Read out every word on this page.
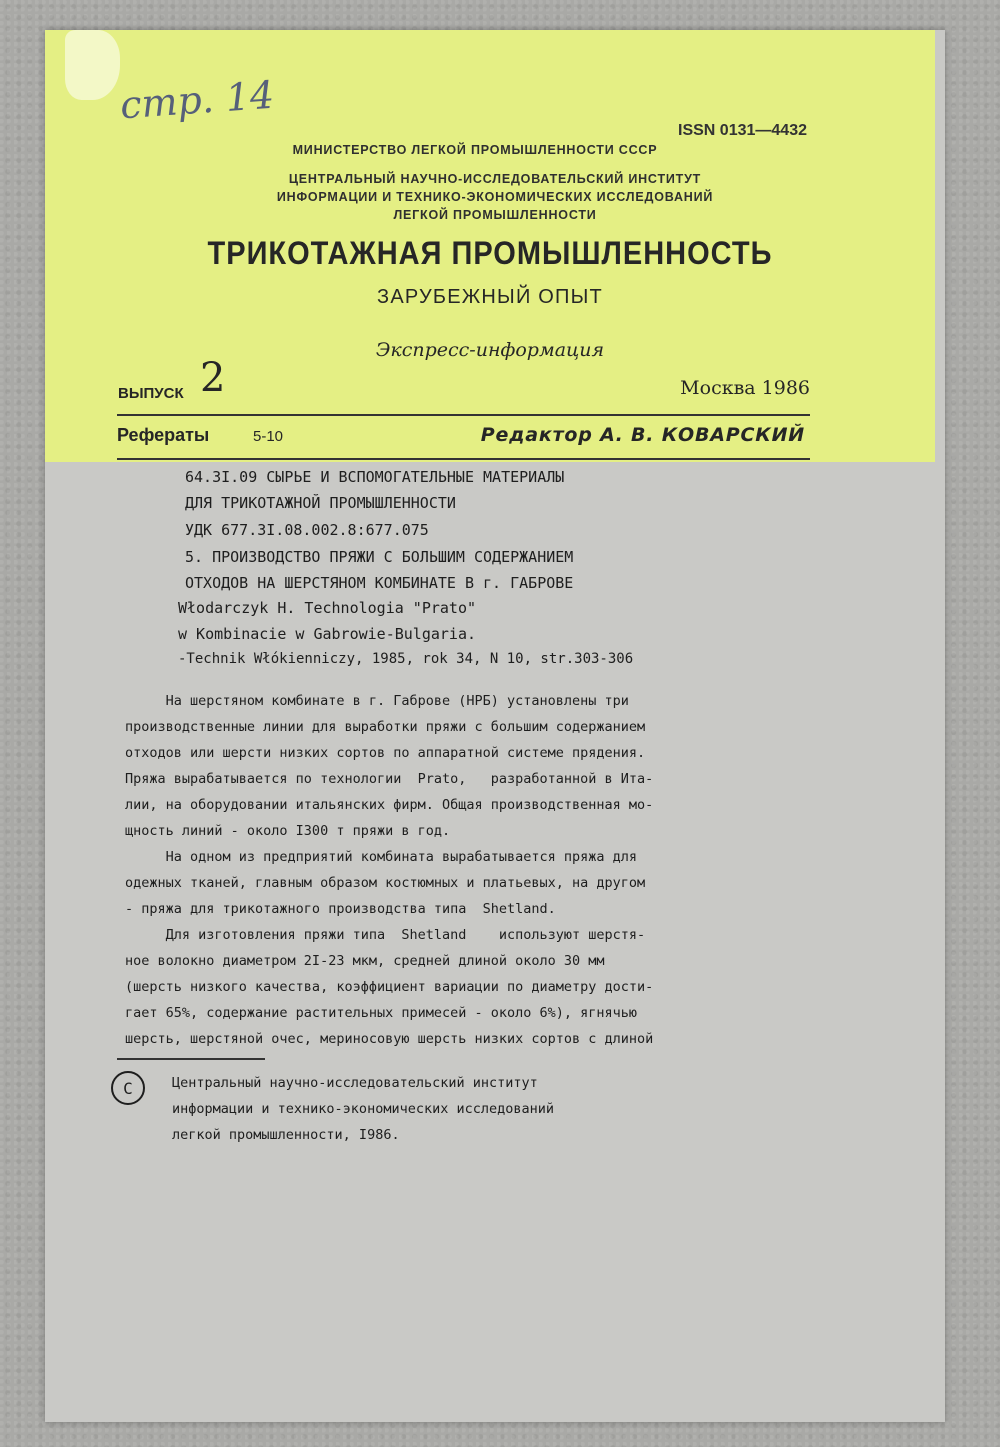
стр. 14
ISSN 0131—4432
МИНИСТЕРСТВО ЛЕГКОЙ ПРОМЫШЛЕННОСТИ СССР
ЦЕНТРАЛЬНЫЙ НАУЧНО-ИССЛЕДОВАТЕЛЬСКИЙ ИНСТИТУТ
ИНФОРМАЦИИ И ТЕХНИКО-ЭКОНОМИЧЕСКИХ ИССЛЕДОВАНИЙ
ЛЕГКОЙ ПРОМЫШЛЕННОСТИ
ТРИКОТАЖНАЯ ПРОМЫШЛЕННОСТЬ
ЗАРУБЕЖНЫЙ ОПЫТ
Экспресс-информация
ВЫПУСК 2	Москва 1986
Рефераты	5-10	Редактор А. В. КОВАРСКИЙ
64.3I.09 СЫРЬЕ И ВСПОМОГАТЕЛЬНЫЕ МАТЕРИАЛЫ
ДЛЯ ТРИКОТАЖНОЙ ПРОМЫШЛЕННОСТИ
УДК 677.3I.08.002.8:677.075
5. ПРОИЗВОДСТВО ПРЯЖИ С БОЛЬШИМ СОДЕРЖАНИЕМ
ОТХОДОВ НА ШЕРСТЯНОМ КОМБИНАТЕ В г. ГАБРОВЕ
Włodarczyk H. Technologia "Prato"
w Kombinacie w Gabrowie-Bulgaria.
-Technik Włókienniczy, 1985, rok 34, N 10, str.303-306
На шерстяном комбинате в г. Габрове (НРБ) установлены три
производственные линии для выработки пряжи с большим содержанием
отходов или шерсти низких сортов по аппаратной системе прядения.
Пряжа вырабатывается по технологии  Prato,   разработанной в Ита-
лии, на оборудовании итальянских фирм. Общая производственная мо-
щность линий - около I300 т пряжи в год.
На одном из предприятий комбината вырабатывается пряжа для
одежных тканей, главным образом костюмных и платьевых, на другом
- пряжа для трикотажного производства типа  Shetland.
Для изготовления пряжи типа  Shetland    используют шерстя-
ное волокно диаметром 2I-23 мкм, средней длиной около 30 мм
(шерсть низкого качества, коэффициент вариации по диаметру дости-
гает 65%, содержание растительных примесей - около 6%), ягнячью
шерсть, шерстяной очес, мериносовую шерсть низких сортов с длиной
C	Центральный научно-исследовательский институт
информации и технико-экономических исследований
легкой промышленности, I986.
